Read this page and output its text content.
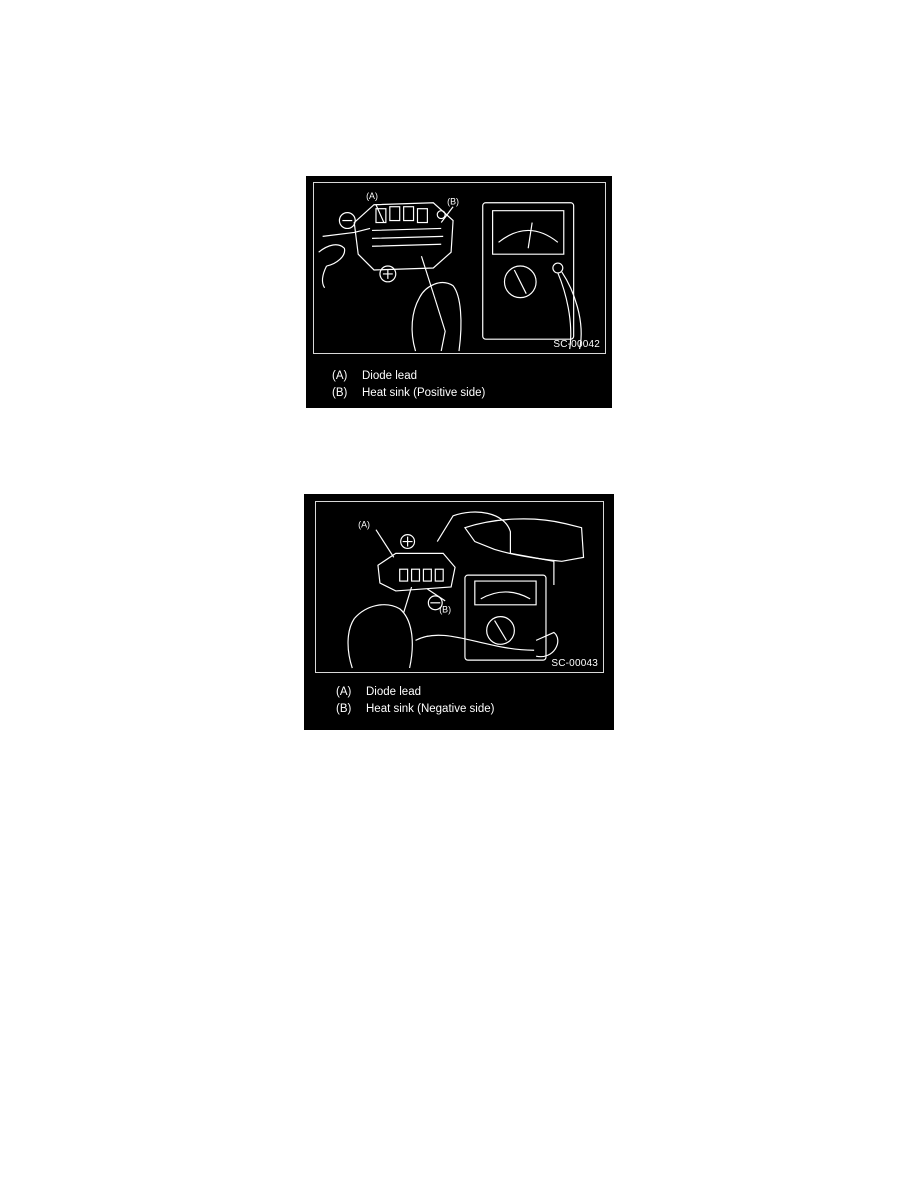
(A)
(B)
SC-00042
(A)	Diode lead
(B)	Heat sink (Positive side)
(A)
(B)
SC-00043
(A)	Diode lead
(B)	Heat sink (Negative side)
